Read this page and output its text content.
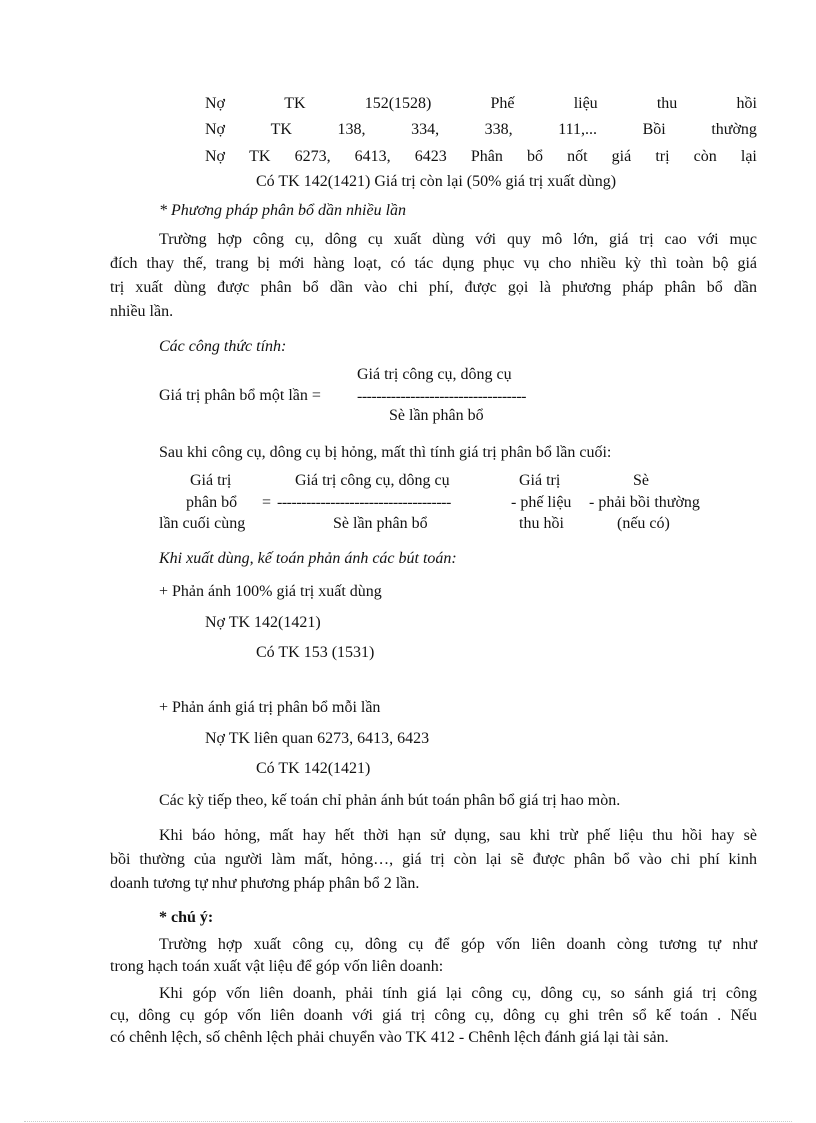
Nợ	TK	152(1528)	Phế	liệu	thu	hồi
Nợ	TK	138,	334,	338,	111,...	Bồi	thường
Nợ TK 6273, 6413, 6423 Phân bổ nốt giá trị còn lại
Có TK 142(1421) Giá trị còn lại (50% giá trị xuất dùng)
* Phương pháp phân bổ dần nhiều lần
Trường hợp công cụ, dông cụ xuất dùng với quy mô lớn, giá trị cao với mục
đích thay thế, trang bị mới hàng loạt, có tác dụng phục vụ cho nhiều kỳ thì toàn bộ giá
trị xuất dùng được phân bổ dần vào chi phí, được gọi là phương pháp phân bổ dần
nhiều lần.
Các công thức tính:
Giá trị công cụ, dông cụ
Giá trị phân bổ một lần = -----------------------------------
Sè lần phân bổ
Sau khi công cụ, dông cụ bị hỏng, mất thì tính giá trị phân bổ lần cuối:
Giá trị	Giá trị công cụ, dông cụ	Giá trị	Sè
phân bổ = ------------------------------------	- phế liệu - phải bồi thường
lần cuối cùng	Sè lần phân bổ	thu hồi	(nếu có)
Khi xuất dùng, kế toán phản ánh các bút toán:
+ Phản ánh 100% giá trị xuất dùng
Nợ TK 142(1421)
Có TK 153 (1531)
+ Phản ánh giá trị phân bổ mỗi lần
Nợ TK liên quan 6273, 6413, 6423
Có TK 142(1421)
Các kỳ tiếp theo, kế toán chỉ phản ánh bút toán phân bổ giá trị hao mòn.
Khi báo hỏng, mất hay hết thời hạn sử dụng, sau khi trừ phế liệu thu hồi hay sè
bồi thường của người làm mất, hỏng…, giá trị còn lại sẽ được phân bổ vào chi phí kinh
doanh tương tự như phương pháp phân bổ 2 lần.
* chú ý:
Trường hợp xuất công cụ, dông cụ để góp vốn liên doanh còng tương tự như
trong hạch toán xuất vật liệu để góp vốn liên doanh:
Khi góp vốn liên doanh, phải tính giá lại công cụ, dông cụ, so sánh giá trị công
cụ, dông cụ góp vốn liên doanh với giá trị công cụ, dông cụ ghi trên sổ kế toán . Nếu
có chênh lệch, số chênh lệch phải chuyển vào TK 412 - Chênh lệch đánh giá lại tài sản.
